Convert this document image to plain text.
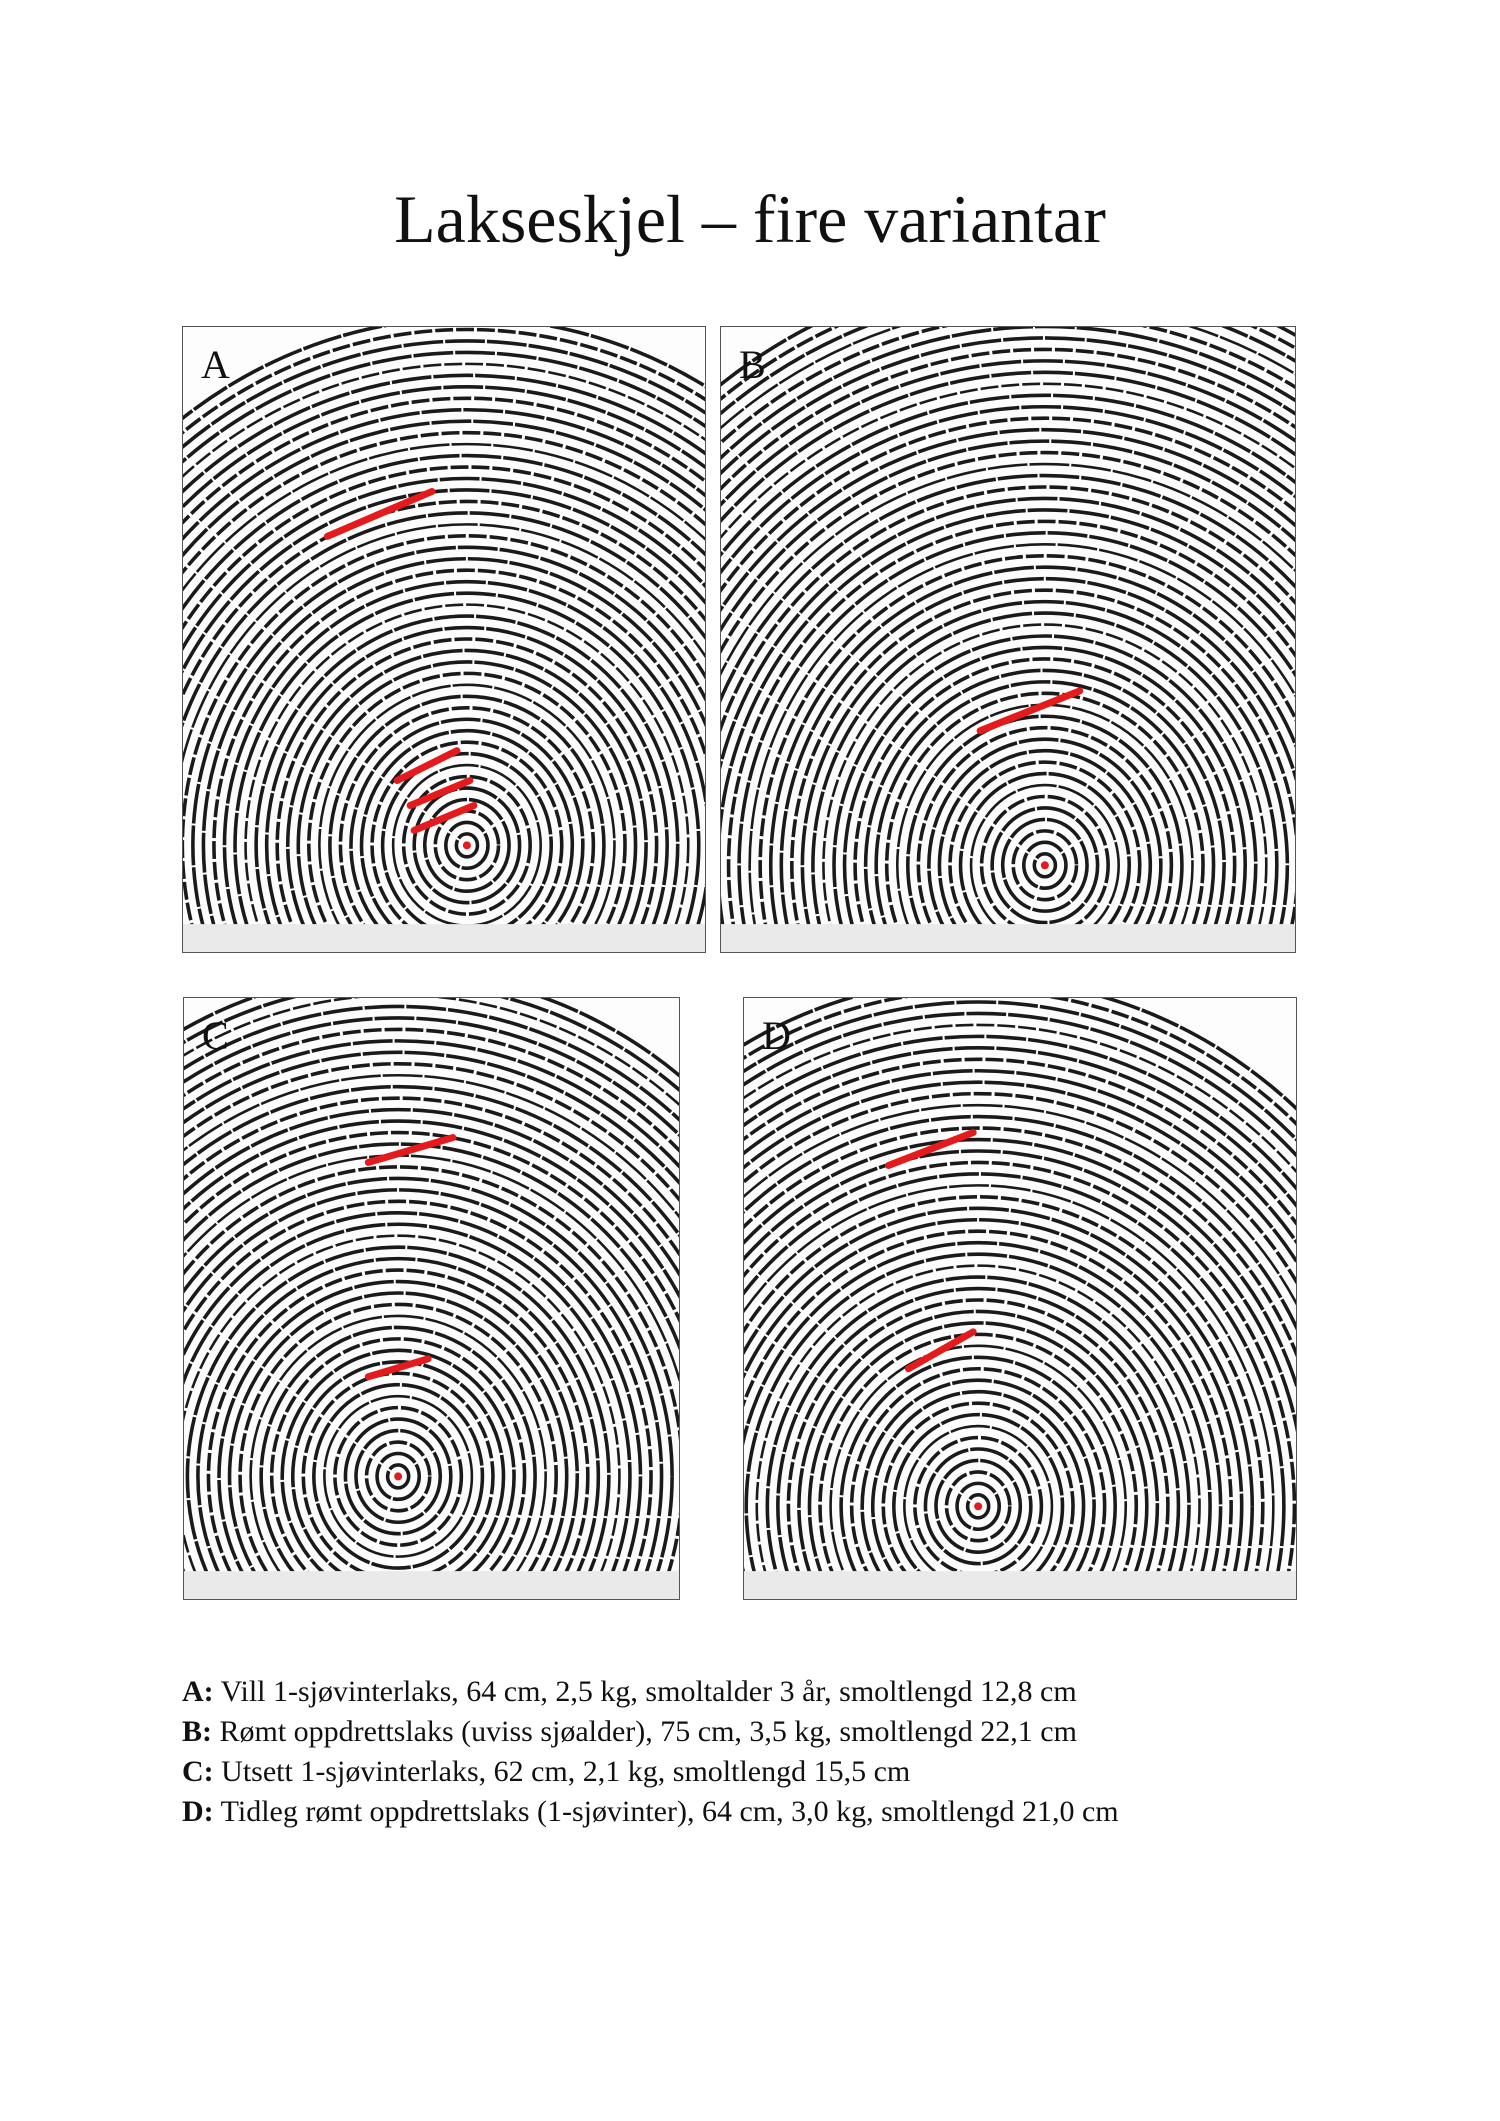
Lakseskjel – fire variantar
A	B
C	D
A: Vill 1-sjøvinterlaks, 64 cm, 2,5 kg, smoltalder 3 år, smoltlengd 12,8 cm
B: Rømt oppdrettslaks (uviss sjøalder), 75 cm, 3,5 kg, smoltlengd 22,1 cm
C: Utsett 1-sjøvinterlaks, 62 cm, 2,1 kg, smoltlengd 15,5 cm
D: Tidleg rømt oppdrettslaks (1-sjøvinter), 64 cm, 3,0 kg, smoltlengd 21,0 cm
